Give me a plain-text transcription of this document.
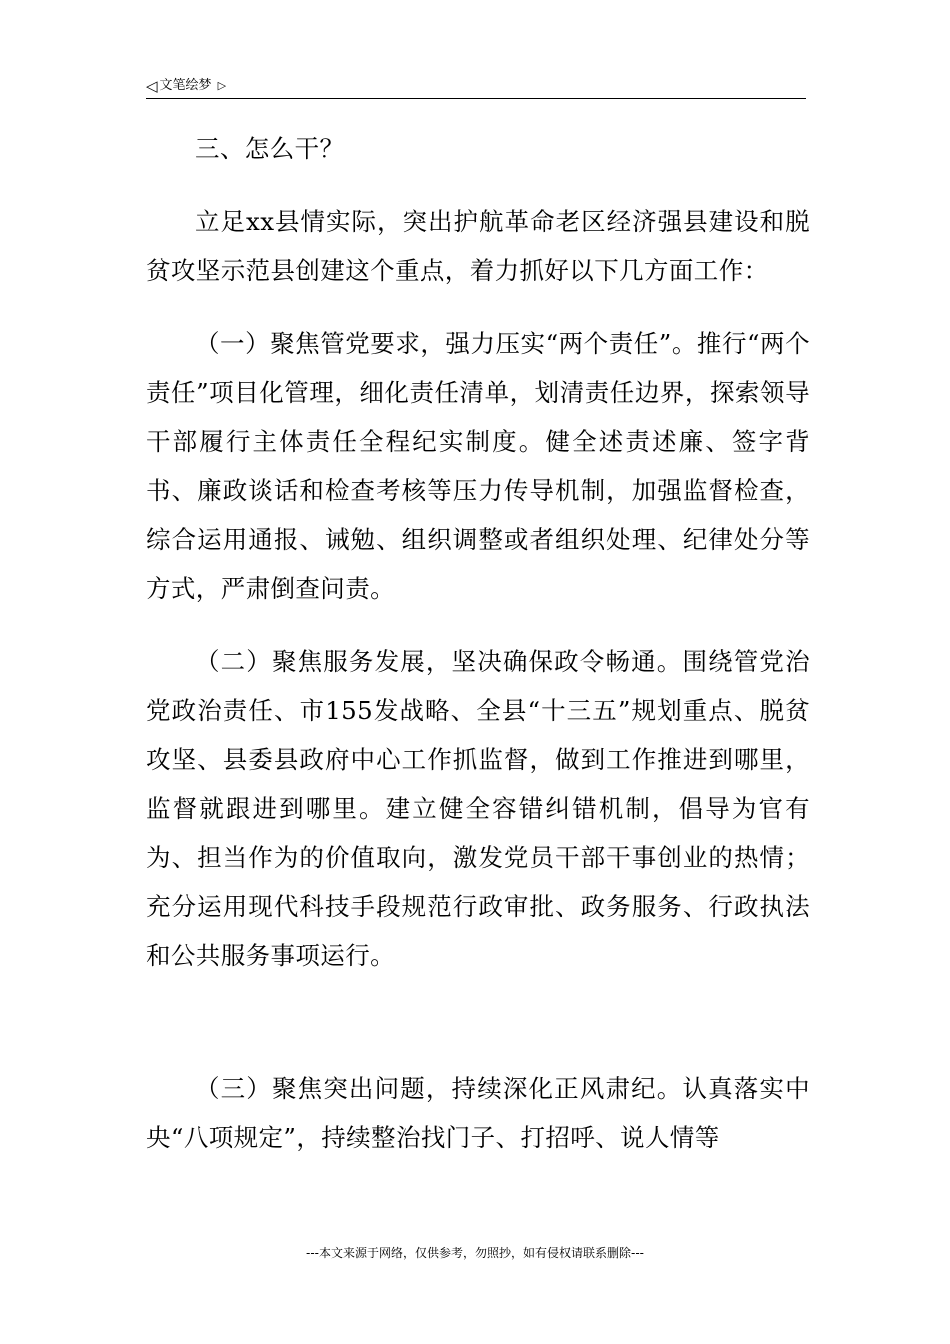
◁ 文笔绘梦 ▷

三、怎么干？

立足xx县情实际，突出护航革命老区经济强县建设和脱贫攻坚示范县创建这个重点，着力抓好以下几方面工作：

（一）聚焦管党要求，强力压实“两个责任”。推行“两个责任”项目化管理，细化责任清单，划清责任边界，探索领导干部履行主体责任全程纪实制度。健全述责述廉、签字背书、廉政谈话和检查考核等压力传导机制，加强监督检查，综合运用通报、诫勉、组织调整或者组织处理、纪律处分等方式，严肃倒查问责。

（二）聚焦服务发展，坚决确保政令畅通。围绕管党治党政治责任、市155发战略、全县“十三五”规划重点、脱贫攻坚、县委县政府中心工作抓监督，做到工作推进到哪里，监督就跟进到哪里。建立健全容错纠错机制，倡导为官有为、担当作为的价值取向，激发党员干部干事创业的热情；充分运用现代科技手段规范行政审批、政务服务、行政执法和公共服务事项运行。

（三）聚焦突出问题，持续深化正风肃纪。认真落实中央“八项规定”，持续整治找门子、打招呼、说人情等

---本文来源于网络，仅供参考，勿照抄，如有侵权请联系删除---
